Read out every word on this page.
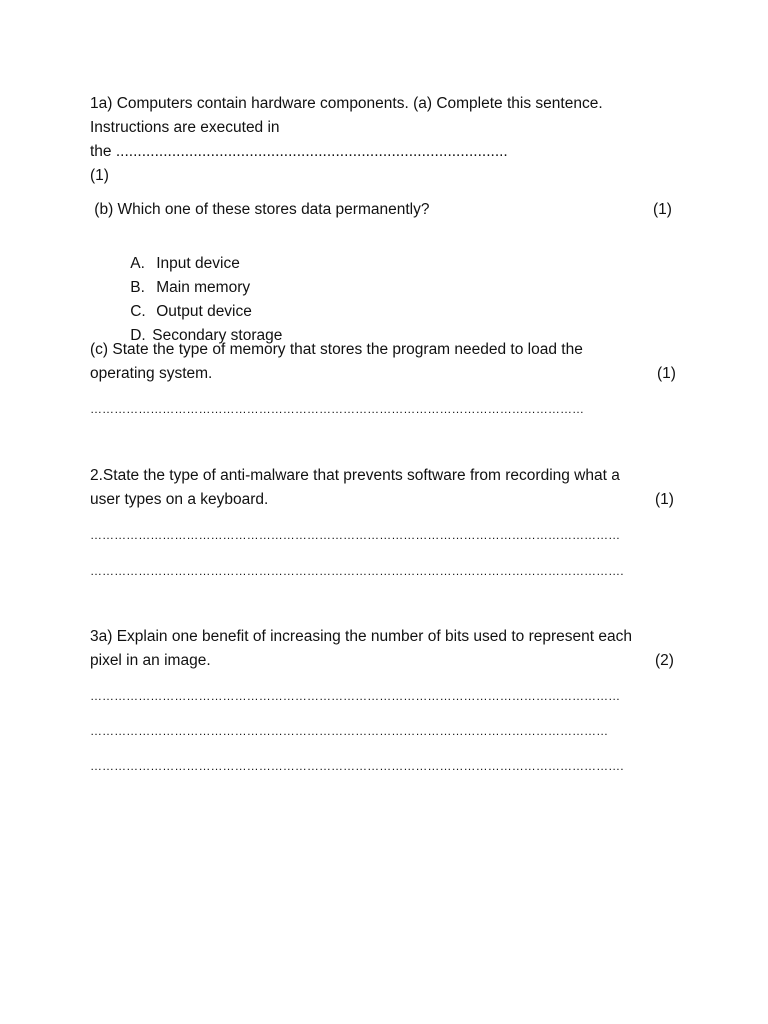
1a) Computers contain hardware components. (a) Complete this sentence.
Instructions are executed in
the ...........................................................................................
(1)
(b) Which one of these stores data permanently?	(1)

A. Input device

B. Main memory

C. Output device

D. Secondary storage

(c) State the type of memory that stores the program needed to load the
operating system.	(1)
……………………………………………………………………………………………………………
2.State the type of anti-malware that prevents software from recording what a
user types on a keyboard.	(1)
……………………………………………………………………………………………………………………
…………………………………………………………………………………………………………………….
3a) Explain one benefit of increasing the number of bits used to represent each
pixel in an image.	(2)
……………………………………………………………………………………………………………………
…………………………………………………………………………………………………………………
…………………………………………………………………………………………………………………….
